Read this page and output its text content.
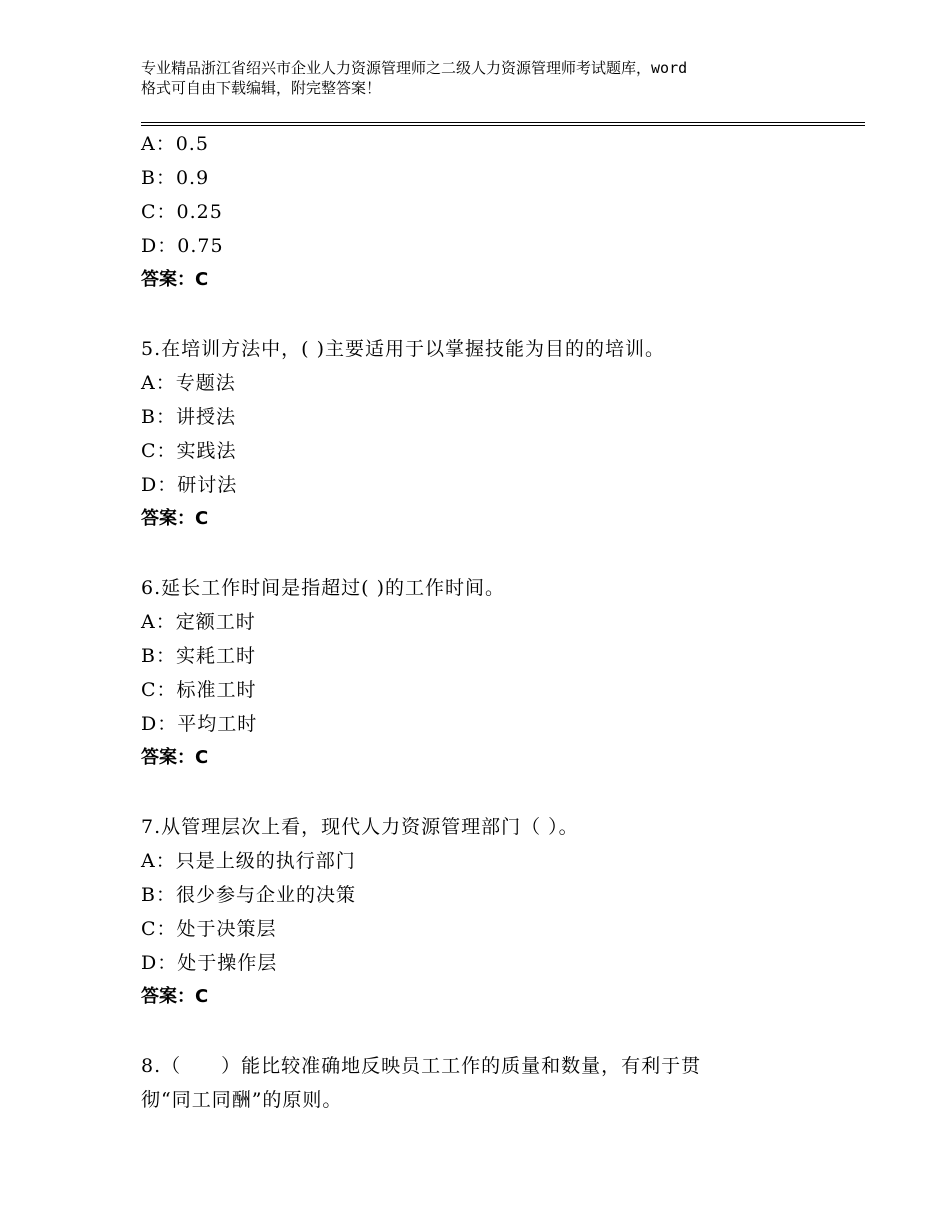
专业精品浙江省绍兴市企业人力资源管理师之二级人力资源管理师考试题库，word
格式可自由下载编辑，附完整答案！
A：0.5
B：0.9
C：0.25
D：0.75
答案：C
5.在培训方法中，( )主要适用于以掌握技能为目的的培训。
A：专题法
B：讲授法
C：实践法
D：研讨法
答案：C
6.延长工作时间是指超过( )的工作时间。
A：定额工时
B：实耗工时
C：标准工时
D：平均工时
答案：C
7.从管理层次上看，现代人力资源管理部门（ ）。
A：只是上级的执行部门
B：很少参与企业的决策
C：处于决策层
D：处于操作层
答案：C
8.（　　）能比较准确地反映员工工作的质量和数量，有利于贯
彻“同工同酬”的原则。
